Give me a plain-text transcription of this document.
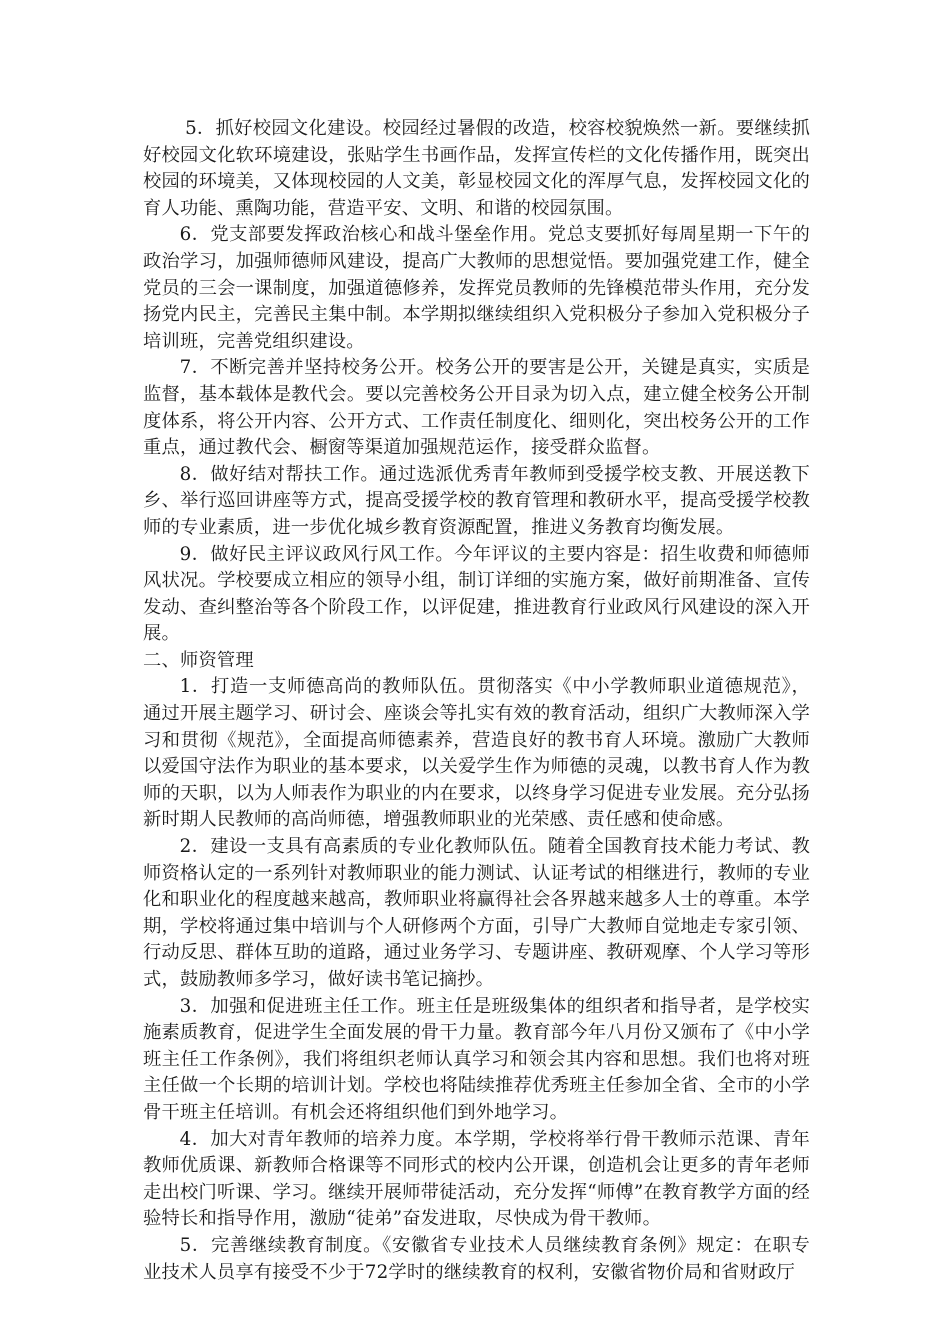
5．抓好校园文化建设。校园经过暑假的改造，校容校貌焕然一新。要继续抓好校园文化软环境建设，张贴学生书画作品，发挥宣传栏的文化传播作用，既突出校园的环境美，又体现校园的人文美，彰显校园文化的浑厚气息，发挥校园文化的育人功能、熏陶功能，营造平安、文明、和谐的校园氛围。

6．党支部要发挥政治核心和战斗堡垒作用。党总支要抓好每周星期一下午的政治学习，加强师德师风建设，提高广大教师的思想觉悟。要加强党建工作，健全党员的三会一课制度，加强道德修养，发挥党员教师的先锋模范带头作用，充分发扬党内民主，完善民主集中制。本学期拟继续组织入党积极分子参加入党积极分子培训班，完善党组织建设。

7．不断完善并坚持校务公开。校务公开的要害是公开，关键是真实，实质是监督，基本载体是教代会。要以完善校务公开目录为切入点，建立健全校务公开制度体系，将公开内容、公开方式、工作责任制度化、细则化，突出校务公开的工作重点，通过教代会、橱窗等渠道加强规范运作，接受群众监督。

8．做好结对帮扶工作。通过选派优秀青年教师到受援学校支教、开展送教下乡、举行巡回讲座等方式，提高受援学校的教育管理和教研水平，提高受援学校教师的专业素质，进一步优化城乡教育资源配置，推进义务教育均衡发展。

9．做好民主评议政风行风工作。今年评议的主要内容是：招生收费和师德师风状况。学校要成立相应的领导小组，制订详细的实施方案，做好前期准备、宣传发动、查纠整治等各个阶段工作，以评促建，推进教育行业政风行风建设的深入开展。

二、师资管理

1．打造一支师德高尚的教师队伍。贯彻落实《中小学教师职业道德规范》，通过开展主题学习、研讨会、座谈会等扎实有效的教育活动，组织广大教师深入学习和贯彻《规范》，全面提高师德素养，营造良好的教书育人环境。激励广大教师以爱国守法作为职业的基本要求，以关爱学生作为师德的灵魂，以教书育人作为教师的天职，以为人师表作为职业的内在要求，以终身学习促进专业发展。充分弘扬新时期人民教师的高尚师德，增强教师职业的光荣感、责任感和使命感。

2．建设一支具有高素质的专业化教师队伍。随着全国教育技术能力考试、教师资格认定的一系列针对教师职业的能力测试、认证考试的相继进行，教师的专业化和职业化的程度越来越高，教师职业将赢得社会各界越来越多人士的尊重。本学期，学校将通过集中培训与个人研修两个方面，引导广大教师自觉地走专家引领、行动反思、群体互助的道路，通过业务学习、专题讲座、教研观摩、个人学习等形式，鼓励教师多学习，做好读书笔记摘抄。

3．加强和促进班主任工作。班主任是班级集体的组织者和指导者，是学校实施素质教育，促进学生全面发展的骨干力量。教育部今年八月份又颁布了《中小学班主任工作条例》，我们将组织老师认真学习和领会其内容和思想。我们也将对班主任做一个长期的培训计划。学校也将陆续推荐优秀班主任参加全省、全市的小学骨干班主任培训。有机会还将组织他们到外地学习。

4．加大对青年教师的培养力度。本学期，学校将举行骨干教师示范课、青年教师优质课、新教师合格课等不同形式的校内公开课，创造机会让更多的青年老师走出校门听课、学习。继续开展师带徒活动，充分发挥“师傅”在教育教学方面的经验特长和指导作用，激励“徒弟”奋发进取，尽快成为骨干教师。

5．完善继续教育制度。《安徽省专业技术人员继续教育条例》规定：在职专业技术人员享有接受不少于72学时的继续教育的权利，安徽省物价局和省财政厅
